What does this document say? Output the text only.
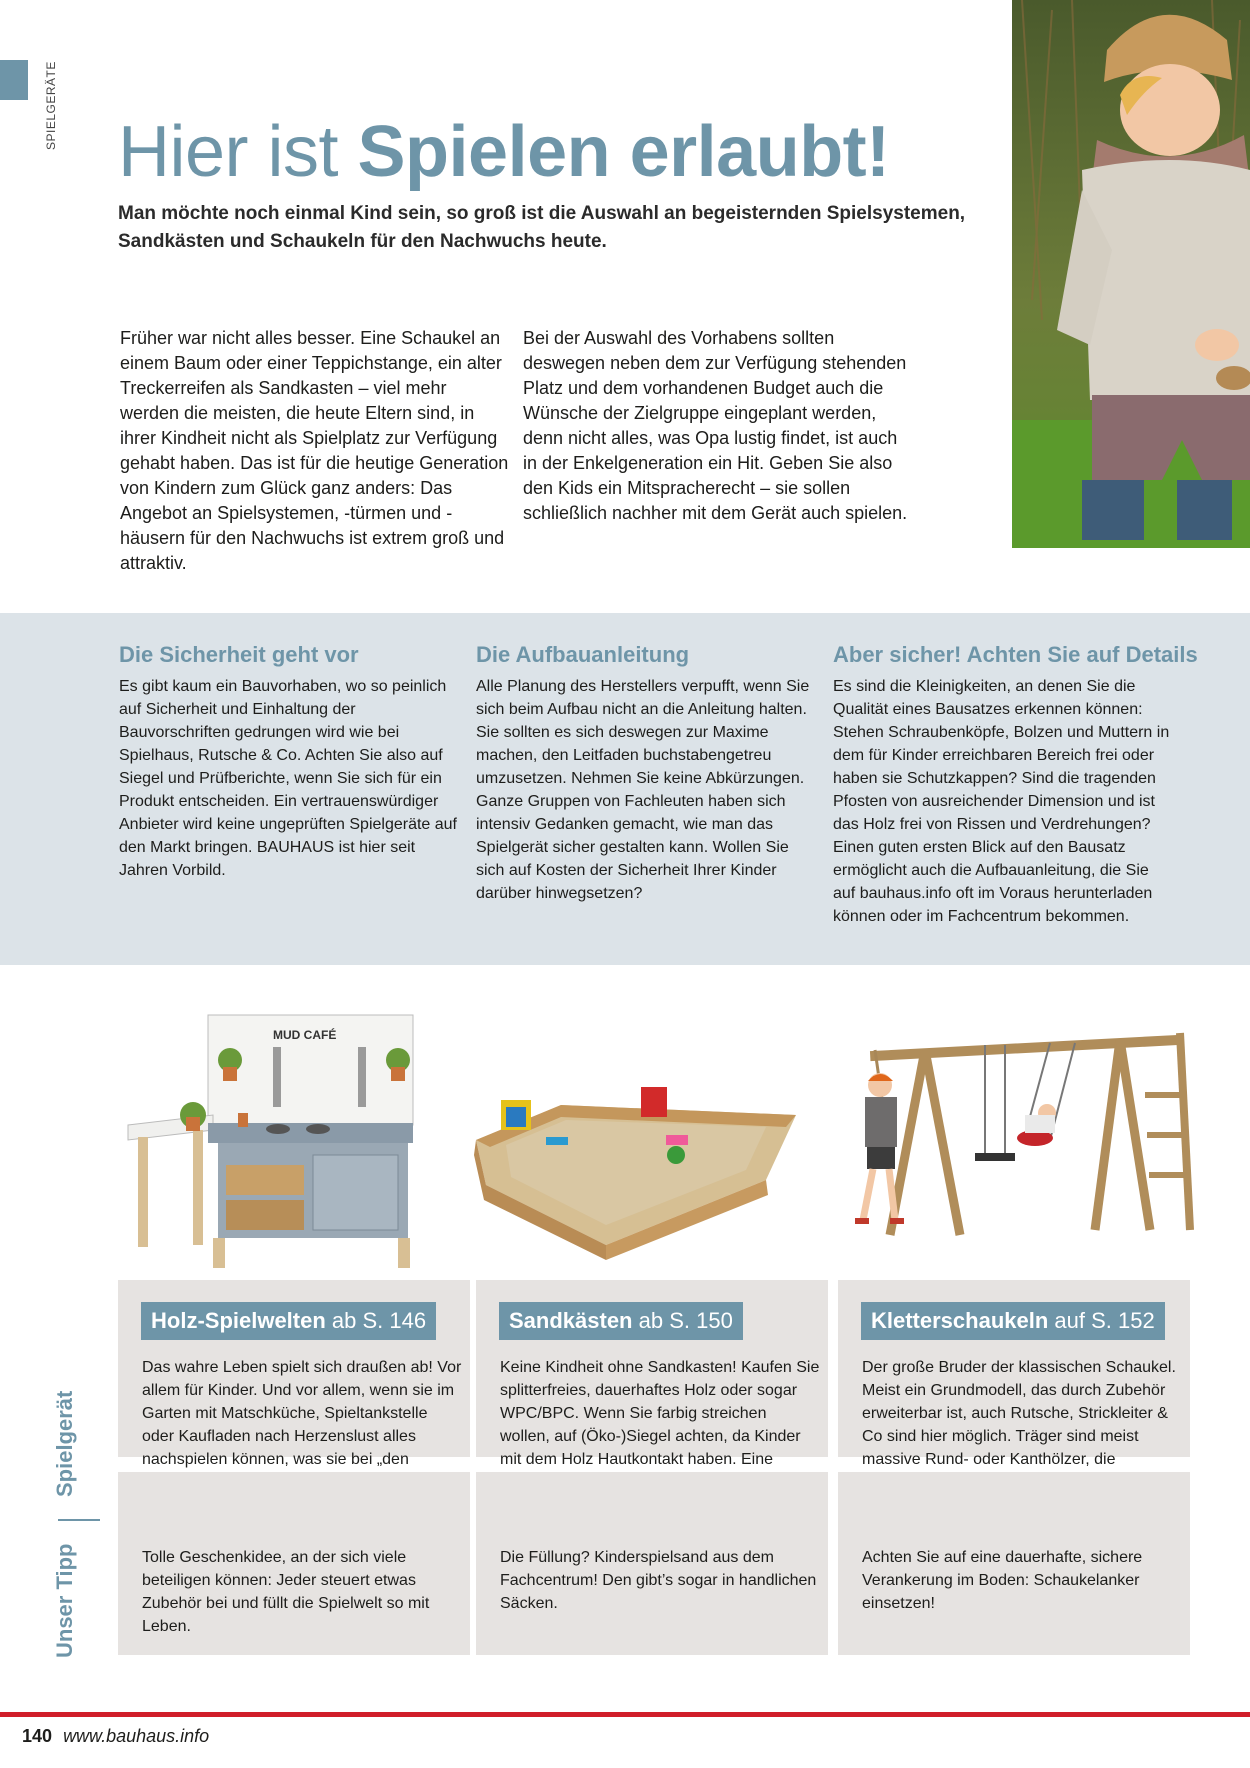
SPIELGERÄTE
Hier ist Spielen erlaubt!

Man möchte noch einmal Kind sein, so groß ist die Auswahl an begeisternden Spielsystemen, Sandkästen und Schaukeln für den Nachwuchs heute.

Früher war nicht alles besser. Eine Schaukel an einem Baum oder einer Teppichstange, ein alter Treckerreifen als Sandkasten – viel mehr werden die meisten, die heute Eltern sind, in ihrer Kindheit nicht als Spielplatz zur Verfügung gehabt haben. Das ist für die heutige Generation von Kindern zum Glück ganz anders: Das Angebot an Spielsystemen, -türmen und -häusern für den Nachwuchs ist extrem groß und attraktiv.

Bei der Auswahl des Vorhabens sollten deswegen neben dem zur Verfügung stehenden Platz und dem vorhandenen Budget auch die Wünsche der Zielgruppe eingeplant werden, denn nicht alles, was Opa lustig findet, ist auch in der Enkelgeneration ein Hit. Geben Sie also den Kids ein Mitspracherecht – sie sollen schließlich nachher mit dem Gerät auch spielen.

Die Sicherheit geht vor

Es gibt kaum ein Bauvorhaben, wo so peinlich auf Sicherheit und Einhaltung der Bauvorschriften gedrungen wird wie bei Spielhaus, Rutsche & Co. Achten Sie also auf Siegel und Prüfberichte, wenn Sie sich für ein Produkt entscheiden. Ein vertrauenswürdiger Anbieter wird keine ungeprüften Spielgeräte auf den Markt bringen. BAUHAUS ist hier seit Jahren Vorbild.

Die Aufbauanleitung

Alle Planung des Herstellers verpufft, wenn Sie sich beim Aufbau nicht an die Anleitung halten. Sie sollten es sich deswegen zur Maxime machen, den Leitfaden buchstabengetreu umzusetzen. Nehmen Sie keine Abkürzungen. Ganze Gruppen von Fachleuten haben sich intensiv Gedanken gemacht, wie man das Spielgerät sicher gestalten kann. Wollen Sie sich auf Kosten der Sicherheit Ihrer Kinder darüber hinwegsetzen?

Aber sicher! Achten Sie auf Details

Es sind die Kleinigkeiten, an denen Sie die Qualität eines Bausatzes erkennen können: Stehen Schraubenköpfe, Bolzen und Muttern in dem für Kinder erreichbaren Bereich frei oder haben sie Schutzkappen? Sind die tragenden Pfosten von ausreichender Dimension und ist das Holz frei von Rissen und Verdrehungen? Einen guten ersten Blick auf den Bausatz ermöglicht auch die Aufbauanleitung, die Sie auf bauhaus.info oft im Voraus herunterladen können oder im Fachcentrum bekommen.

MUD CAFÉ
Holz-Spielwelten ab S. 146

Das wahre Leben spielt sich draußen ab! Vor allem für Kinder. Und vor allem, wenn sie im Garten mit Matschküche, Spieltankstelle oder Kaufladen nach Herzenslust alles nachspielen können, was sie bei „den

Sandkästen ab S. 150

Keine Kindheit ohne Sandkasten! Kaufen Sie splitterfreies, dauerhaftes Holz oder sogar WPC/BPC. Wenn Sie farbig streichen wollen, auf (Öko-)Siegel achten, da Kinder mit dem Holz Hautkontakt haben. Eine

Kletterschaukeln auf S. 152

Der große Bruder der klassischen Schaukel. Meist ein Grundmodell, das durch Zubehör erweiterbar ist, auch Rutsche, Strickleiter & Co sind hier möglich. Träger sind meist massive Rund- oder Kanthölzer, die

Tolle Geschenkidee, an der sich viele beteiligen können: Jeder steuert etwas Zubehör bei und füllt die Spielwelt so mit Leben.

Die Füllung? Kinderspielsand aus dem Fachcentrum! Den gibt’s sogar in handlichen Säcken.

Achten Sie auf eine dauerhafte, sichere Verankerung im Boden: Schaukelanker einsetzen!

Spielgerät
Unser Tipp
140 www.bauhaus.info
